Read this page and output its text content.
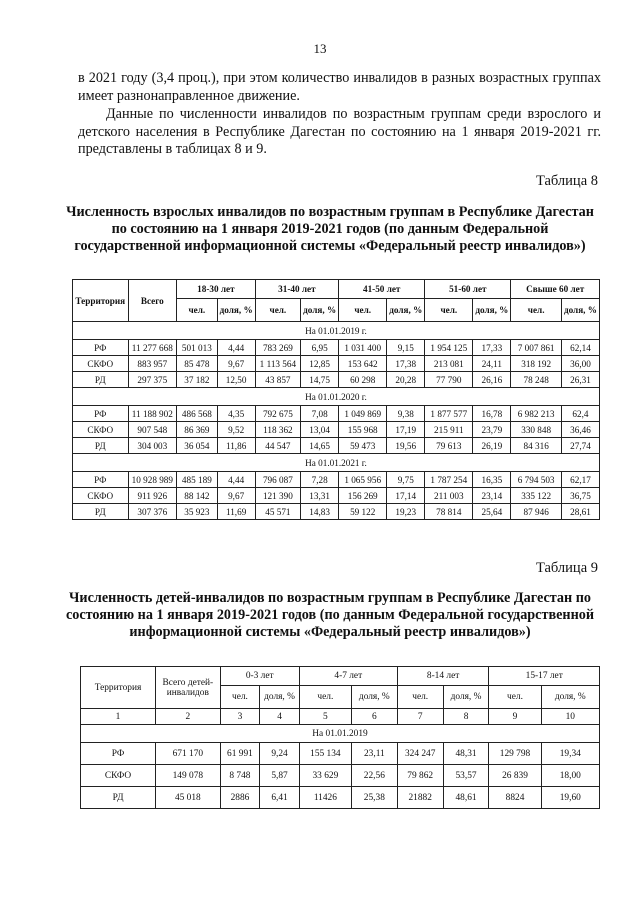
13

в 2021 году (3,4 проц.), при этом количество инвалидов в разных возрастных группах имеет разнонаправленное движение.

Данные по численности инвалидов по возрастным группам среди взрослого и детского населения в Республике Дагестан по состоянию на 1 января 2019-2021 гг. представлены в таблицах 8 и 9.

Таблица 8

Численность взрослых инвалидов по возрастным группам в Республике Дагестан по состоянию на 1 января 2019-2021 годов (по данным Федеральной государственной информационной системы «Федеральный реестр инвалидов»)

Территория	Всего	18-30 лет		31-40 лет		41-50 лет		51-60 лет		Свыше 60 лет	
		чел.	доля, %	чел.	доля, %	чел.	доля, %	чел.	доля, %	чел.	доля, %
На 01.01.2019 г.											
РФ	11 277 668	501 013	4,44	783 269	6,95	1 031 400	9,15	1 954 125	17,33	7 007 861	62,14
СКФО	883 957	85 478	9,67	1 113 564	12,85	153 642	17,38	213 081	24,11	318 192	36,00
РД	297 375	37 182	12,50	43 857	14,75	60 298	20,28	77 790	26,16	78 248	26,31
На 01.01.2020 г.											
РФ	11 188 902	486 568	4,35	792 675	7,08	1 049 869	9,38	1 877 577	16,78	6 982 213	62,4
СКФО	907 548	86 369	9,52	118 362	13,04	155 968	17,19	215 911	23,79	330 848	36,46
РД	304 003	36 054	11,86	44 547	14,65	59 473	19,56	79 613	26,19	84 316	27,74
На 01.01.2021 г.											
РФ	10 928 989	485 189	4,44	796 087	7,28	1 065 956	9,75	1 787 254	16,35	6 794 503	62,17
СКФО	911 926	88 142	9,67	121 390	13,31	156 269	17,14	211 003	23,14	335 122	36,75
РД	307 376	35 923	11,69	45 571	14,83	59 122	19,23	78 814	25,64	87 946	28,61
Таблица 9

Численность детей-инвалидов по возрастным группам в Республике Дагестан по состоянию на 1 января 2019-2021 годов (по данным Федеральной государственной информационной системы «Федеральный реестр инвалидов»)

Территория	Всего детей-инвалидов	0-3 лет		4-7 лет		8-14 лет		15-17 лет	
		чел.	доля, %	чел.	доля, %	чел.	доля, %	чел.	доля, %
1	2	3	4	5	6	7	8	9	10
На 01.01.2019									
РФ	671 170	61 991	9,24	155 134	23,11	324 247	48,31	129 798	19,34
СКФО	149 078	8 748	5,87	33 629	22,56	79 862	53,57	26 839	18,00
РД	45 018	2886	6,41	11426	25,38	21882	48,61	8824	19,60
